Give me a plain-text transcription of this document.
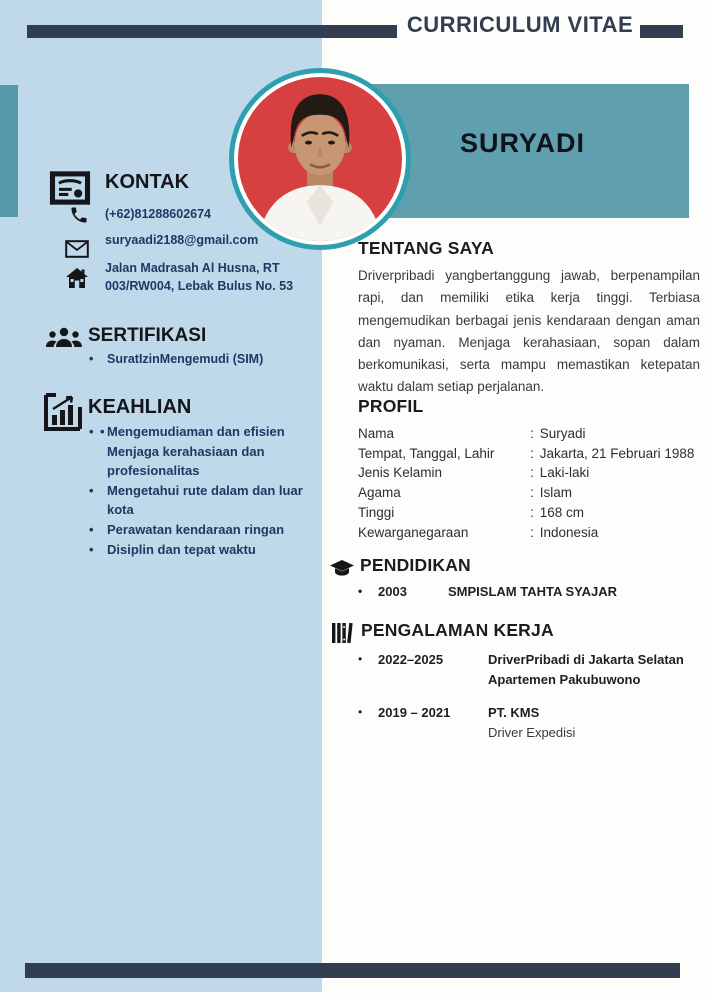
CURRICULUM VITAE
SURYADI
KONTAK
(+62)81288602674
suryaadi2188@gmail.com
Jalan Madrasah Al Husna, RT 003/RW004, Lebak Bulus No. 53
SERTIFIKASI
• SuratIzinMengemudi (SIM)
KEAHLIAN
• Mengemudiaman dan efisien Menjaga kerahasiaan dan profesionalitas •
• Mengetahui rute dalam dan luar kota
• Perawatan kendaraan ringan
• Disiplin dan tepat waktu
TENTANG SAYA
Driverpribadi yangbertanggung jawab, berpenampilan rapi, dan memiliki etika kerja tinggi. Terbiasa mengemudikan berbagai jenis kendaraan dengan aman dan nyaman. Menjaga kerahasiaan, sopan dalam berkomunikasi, serta mampu memastikan ketepatan waktu dalam setiap perjalanan.
PROFIL
Nama	: Suryadi
Tempat, Tanggal, Lahir	: Jakarta, 21 Februari 1988
Jenis Kelamin	: Laki-laki
Agama	: Islam
Tinggi	: 168 cm
Kewarganegaraan	: Indonesia
PENDIDIKAN
•	2003	SMPISLAM TAHTA SYAJAR
PENGALAMAN KERJA
•	2022–2025	DriverPribadi di Jakarta Selatan Apartemen Pakubuwono
•	2019 – 2021	PT. KMS
Driver Expedisi
